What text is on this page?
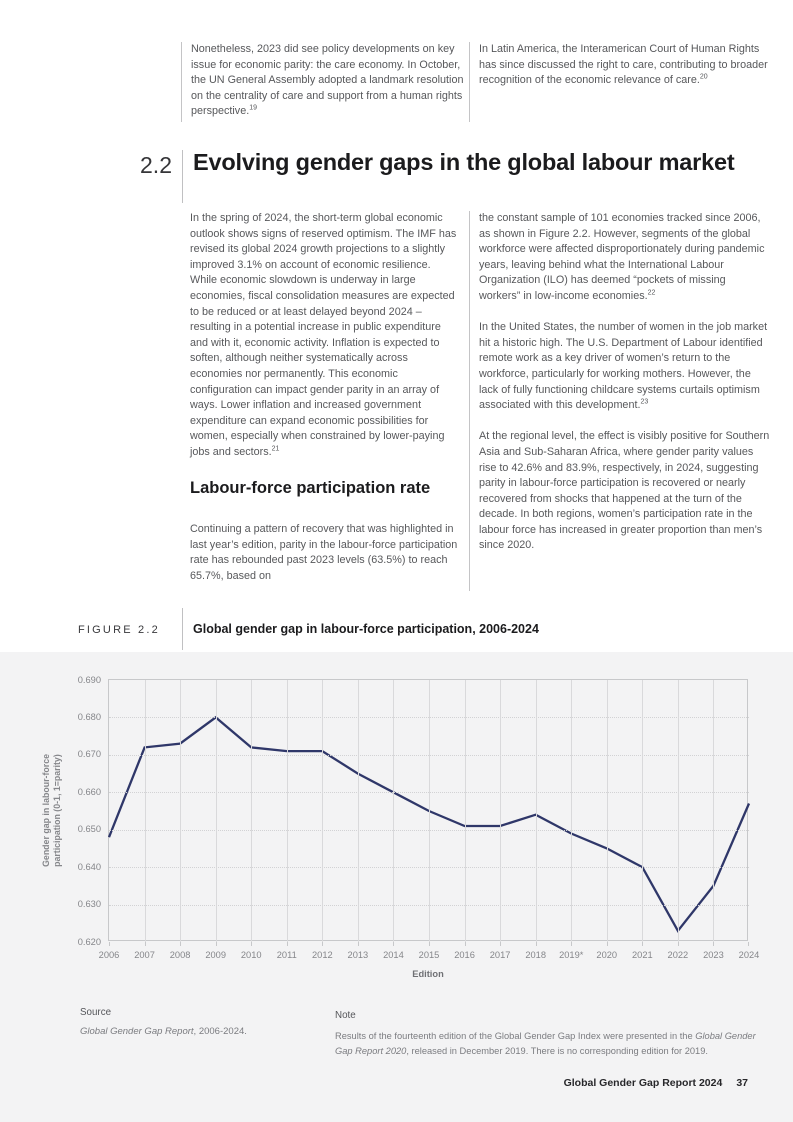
Nonetheless, 2023 did see policy developments on key issue for economic parity: the care economy. In October, the UN General Assembly adopted a landmark resolution on the centrality of care and support from a human rights perspective.$^{19}$
In Latin America, the Interamerican Court of Human Rights has since discussed the right to care, contributing to broader recognition of the economic relevance of care.$^{20}$
2.2 Evolving gender gaps in the global labour market

In the spring of 2024, the short-term global economic outlook shows signs of reserved optimism. The IMF has revised its global 2024 growth projections to a slightly improved 3.1% on account of economic resilience. While economic slowdown is underway in large economies, fiscal consolidation measures are expected to be reduced or at least delayed beyond 2024 – resulting in a potential increase in public expenditure and with it, economic activity. Inflation is expected to soften, although neither systematically across economies nor permanently. This economic configuration can impact gender parity in an array of ways. Lower inflation and increased government expenditure can expand economic possibilities for women, especially when constrained by lower-paying jobs and sectors.$^{21}$

Labour-force participation rate

Continuing a pattern of recovery that was highlighted in last year’s edition, parity in the labour-force participation rate has rebounded past 2023 levels (63.5%) to reach 65.7%, based on

the constant sample of 101 economies tracked since 2006, as shown in Figure 2.2. However, segments of the global workforce were affected disproportionately during pandemic years, leaving behind what the International Labour Organization (ILO) has deemed “pockets of missing workers” in low-income economies.$^{22}$

In the United States, the number of women in the job market hit a historic high. The U.S. Department of Labour identified remote work as a key driver of women’s return to the workforce, particularly for working mothers. However, the lack of fully functioning childcare systems curtails optimism associated with this development.$^{23}$

At the regional level, the effect is visibly positive for Southern Asia and Sub-Saharan Africa, where gender parity values rise to 42.6% and 83.9%, respectively, in 2024, suggesting parity in labour-force participation is recovered or nearly recovered from shocks that happened at the turn of the decade. In both regions, women’s participation rate in the labour force has increased in greater proportion than men’s since 2020.

FIGURE 2.2	Global gender gap in labour-force participation, 2006-2024
Gender gap in labour-force participation (0-1, 1=parity)
0.690
0.680
0.670
0.660
0.650
0.640
0.630
0.620
2006	2007	2008	2009	2010	2011	2012	2013	2014	2015	2016	2017	2018	2019*	2020	2021	2022	2023	2024
Edition
Source
Global Gender Gap Report, 2006-2024.
Note
Results of the fourteenth edition of the Global Gender Gap Index were presented in the Global Gender Gap Report 2020, released in December 2019. There is no corresponding edition for 2019.
Global Gender Gap Report 2024 37
